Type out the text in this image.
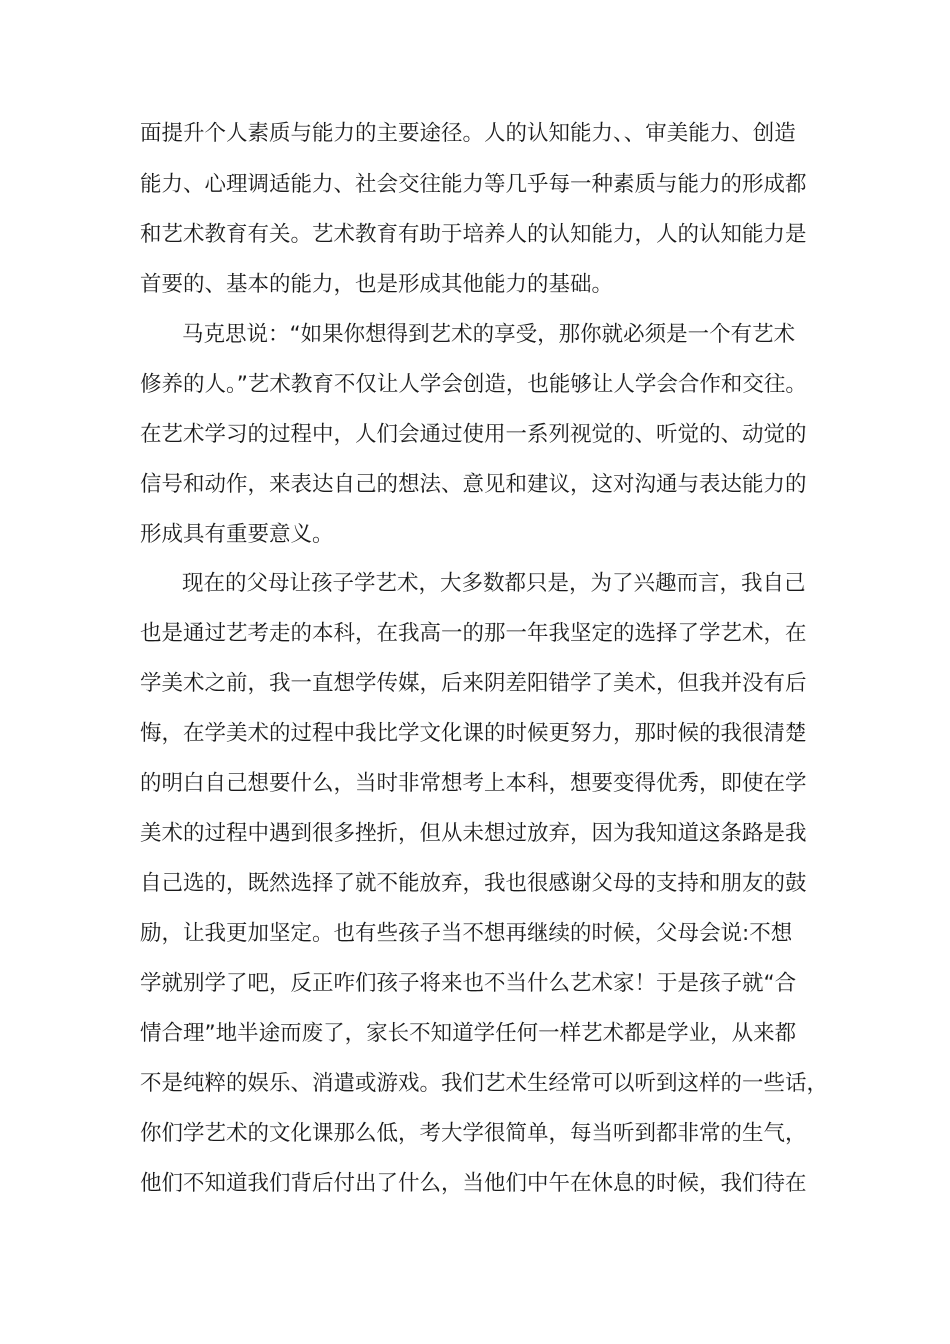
面提升个人素质与能力的主要途径。人的认知能力、、审美能力、创造
能力、心理调适能力、社会交往能力等几乎每一种素质与能力的形成都
和艺术教育有关。艺术教育有助于培养人的认知能力，人的认知能力是
首要的、基本的能力，也是形成其他能力的基础。
马克思说：“如果你想得到艺术的享受，那你就必须是一个有艺术
修养的人。”艺术教育不仅让人学会创造，也能够让人学会合作和交往。
在艺术学习的过程中，人们会通过使用一系列视觉的、听觉的、动觉的
信号和动作，来表达自己的想法、意见和建议，这对沟通与表达能力的
形成具有重要意义。
现在的父母让孩子学艺术，大多数都只是，为了兴趣而言，我自己
也是通过艺考走的本科，在我高一的那一年我坚定的选择了学艺术，在
学美术之前，我一直想学传媒，后来阴差阳错学了美术，但我并没有后
悔，在学美术的过程中我比学文化课的时候更努力，那时候的我很清楚
的明白自己想要什么，当时非常想考上本科，想要变得优秀，即使在学
美术的过程中遇到很多挫折，但从未想过放弃，因为我知道这条路是我
自己选的，既然选择了就不能放弃，我也很感谢父母的支持和朋友的鼓
励，让我更加坚定。也有些孩子当不想再继续的时候，父母会说:不想
学就别学了吧，反正咋们孩子将来也不当什么艺术家！于是孩子就“合
情合理”地半途而废了，家长不知道学任何一样艺术都是学业，从来都
不是纯粹的娱乐、消遣或游戏。我们艺术生经常可以听到这样的一些话，
你们学艺术的文化课那么低，考大学很简单，每当听到都非常的生气，
他们不知道我们背后付出了什么，当他们中午在休息的时候，我们待在
